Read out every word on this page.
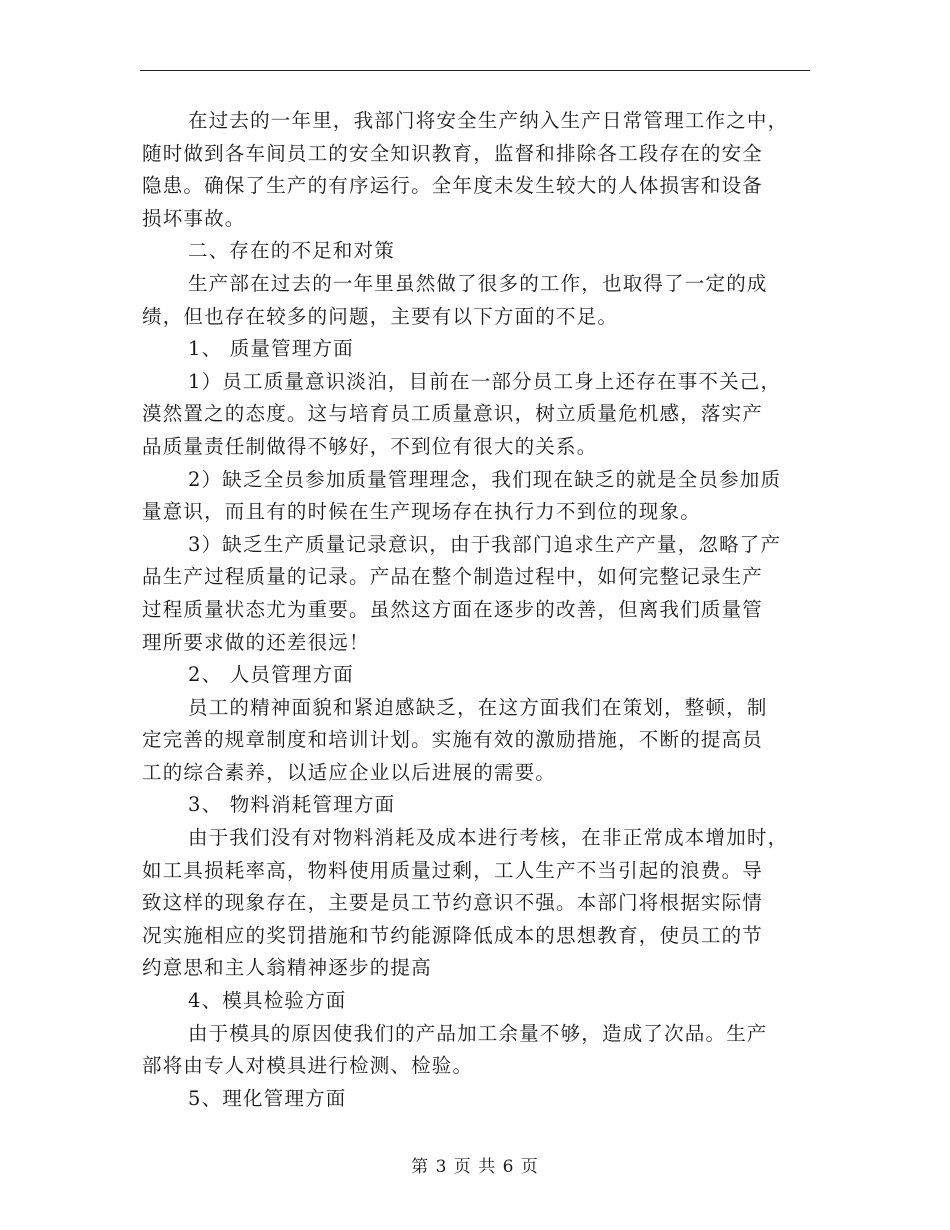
在过去的一年里，我部门将安全生产纳入生产日常管理工作之中，
随时做到各车间员工的安全知识教育，监督和排除各工段存在的安全
隐患。确保了生产的有序运行。全年度未发生较大的人体损害和设备
损坏事故。
二、存在的不足和对策
生产部在过去的一年里虽然做了很多的工作，也取得了一定的成
绩，但也存在较多的问题，主要有以下方面的不足。
1、 质量管理方面
1）员工质量意识淡泊，目前在一部分员工身上还存在事不关己，
漠然置之的态度。这与培育员工质量意识，树立质量危机感，落实产
品质量责任制做得不够好，不到位有很大的关系。
2）缺乏全员参加质量管理理念，我们现在缺乏的就是全员参加质
量意识，而且有的时候在生产现场存在执行力不到位的现象。
3）缺乏生产质量记录意识，由于我部门追求生产产量，忽略了产
品生产过程质量的记录。产品在整个制造过程中，如何完整记录生产
过程质量状态尤为重要。虽然这方面在逐步的改善，但离我们质量管
理所要求做的还差很远！
2、 人员管理方面
员工的精神面貌和紧迫感缺乏，在这方面我们在策划，整顿，制
定完善的规章制度和培训计划。实施有效的激励措施，不断的提高员
工的综合素养，以适应企业以后进展的需要。
3、 物料消耗管理方面
由于我们没有对物料消耗及成本进行考核，在非正常成本增加时，
如工具损耗率高，物料使用质量过剩，工人生产不当引起的浪费。导
致这样的现象存在，主要是员工节约意识不强。本部门将根据实际情
况实施相应的奖罚措施和节约能源降低成本的思想教育，使员工的节
约意思和主人翁精神逐步的提高
4、模具检验方面
由于模具的原因使我们的产品加工余量不够，造成了次品。生产
部将由专人对模具进行检测、检验。
5、理化管理方面
第 3 页 共 6 页
